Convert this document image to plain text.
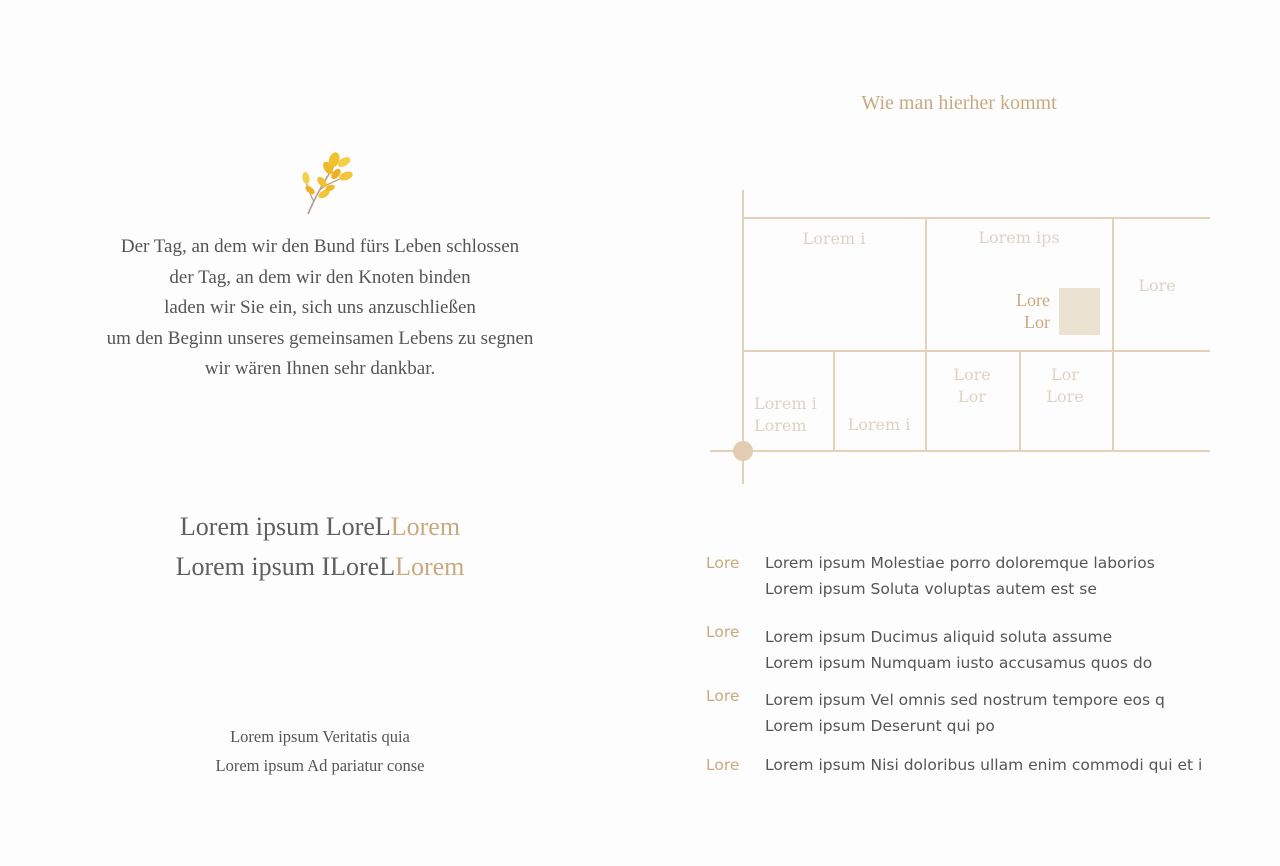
Der Tag, an dem wir den Bund fürs Leben schlossen
der Tag, an dem wir den Knoten binden
laden wir Sie ein, sich uns anzuschließen
um den Beginn unseres gemeinsamen Lebens zu segnen
wir wären Ihnen sehr dankbar.
Lorem ipsum LoreLLorem
Lorem ipsum ILoreLLorem
Lorem ipsum Veritatis quia
Lorem ipsum Ad pariatur conse
Wie man hierher kommt
Lorem i	Lorem ips
Lore
Lorem i
Lorem	Lorem i
Lore
Lor
Lor
Lore
Lore
Lor
Lore Lorem ipsum Molestiae porro doloremque laborios
Lorem ipsum Soluta voluptas autem est se
Lore Lorem ipsum Ducimus aliquid soluta assume
Lorem ipsum Numquam iusto accusamus quos do
Lore Lorem ipsum Vel omnis sed nostrum tempore eos q
Lorem ipsum Deserunt qui po
Lore Lorem ipsum Nisi doloribus ullam enim commodi qui et i
